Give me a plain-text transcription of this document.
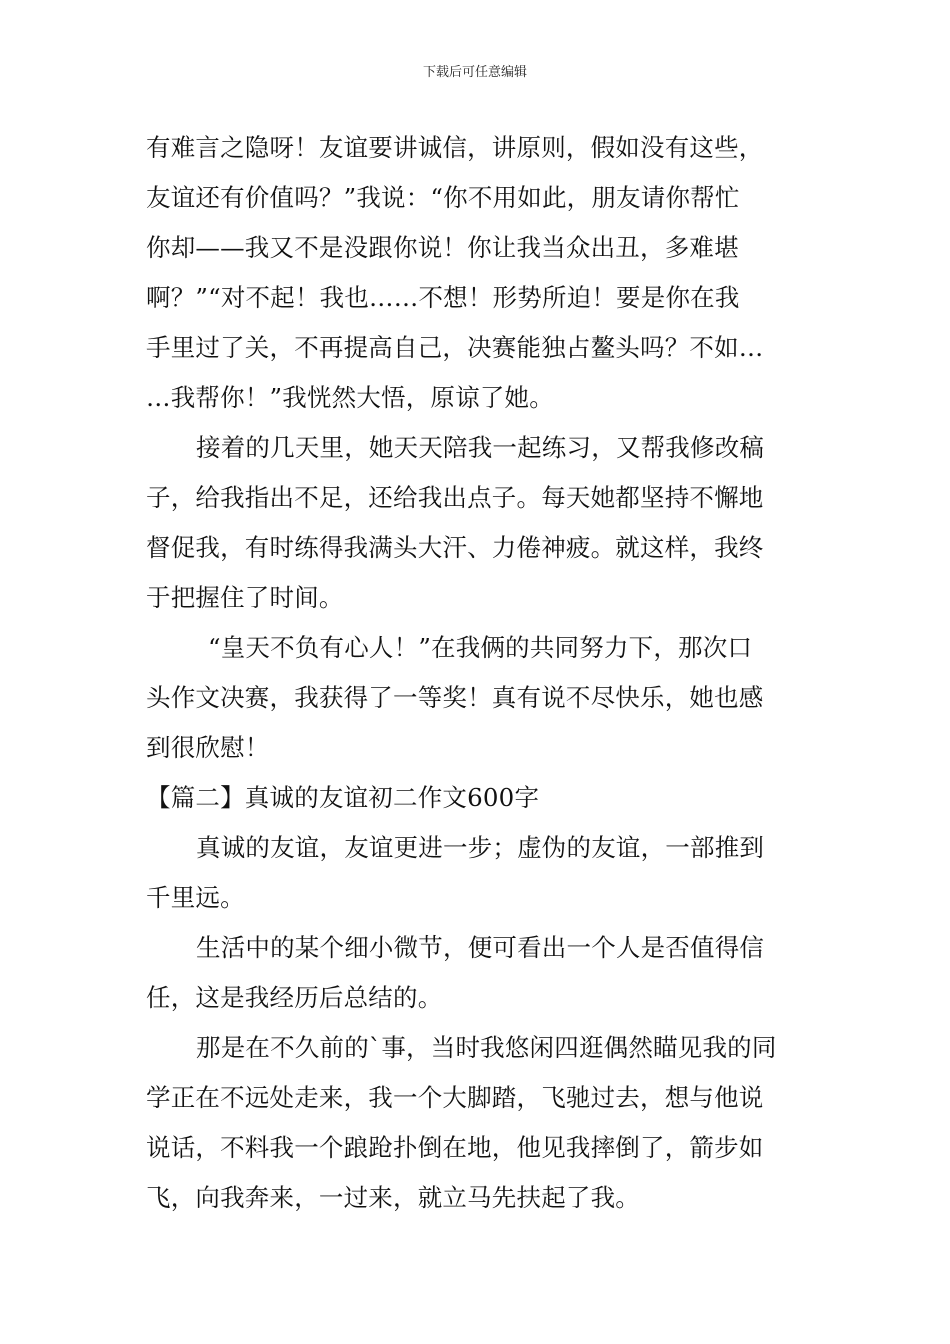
下载后可任意编辑
有难言之隐呀！友谊要讲诚信，讲原则，假如没有这些，
友谊还有价值吗？”我说：“你不用如此，朋友请你帮忙
你却——我又不是没跟你说！你让我当众出丑，多难堪
啊？”“对不起！我也……不想！形势所迫！要是你在我
手里过了关，不再提高自己，决赛能独占鳌头吗？不如…
…我帮你！”我恍然大悟，原谅了她。
接着的几天里，她天天陪我一起练习，又帮我修改稿
子，给我指出不足，还给我出点子。每天她都坚持不懈地
督促我，有时练得我满头大汗、力倦神疲。就这样，我终
于把握住了时间。
“皇天不负有心人！”在我俩的共同努力下，那次口
头作文决赛，我获得了一等奖！真有说不尽快乐，她也感
到很欣慰！
【篇二】真诚的友谊初二作文600字
真诚的友谊，友谊更进一步；虚伪的友谊，一部推到
千里远。
生活中的某个细小微节，便可看出一个人是否值得信
任，这是我经历后总结的。
那是在不久前的`事，当时我悠闲四逛偶然瞄见我的同
学正在不远处走来，我一个大脚踏，飞驰过去，想与他说
说话，不料我一个踉跄扑倒在地，他见我摔倒了，箭步如
飞，向我奔来，一过来，就立马先扶起了我。
